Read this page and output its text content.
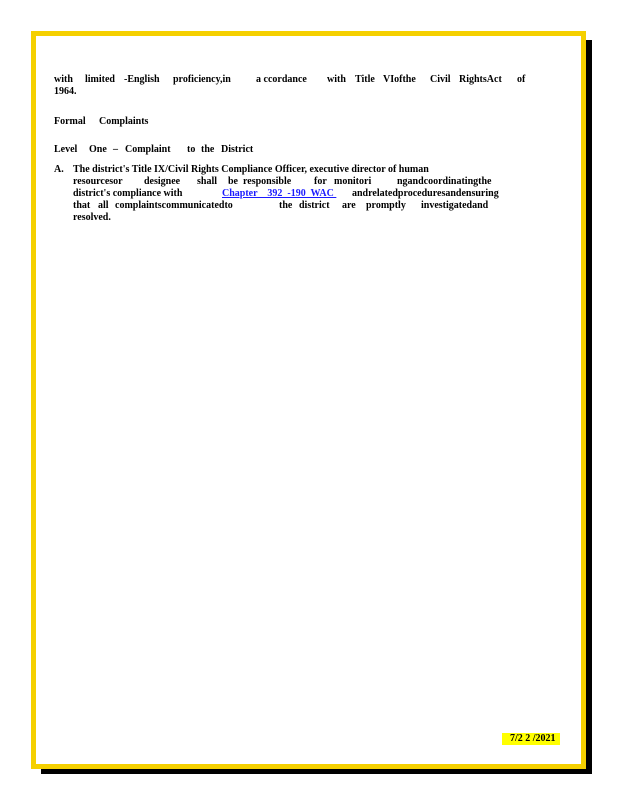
with limited -English proficiency,in	a ccordance with Title VIofthe Civil RightsAct of
1964.
Formal Complaints
Level One – Complaint to the District
A. The district's Title IX/Civil Rights Compliance Officer, executive director of human
resourcesor designee shall be responsible for monitori	ngandcoordinatingthe
district's compliance with	Chapter    392  -190  WAC andrelatedproceduresandensuring
that all complaintscommunicatedto	the district are promptly investigatedand
resolved.
7/2 2 /2021
